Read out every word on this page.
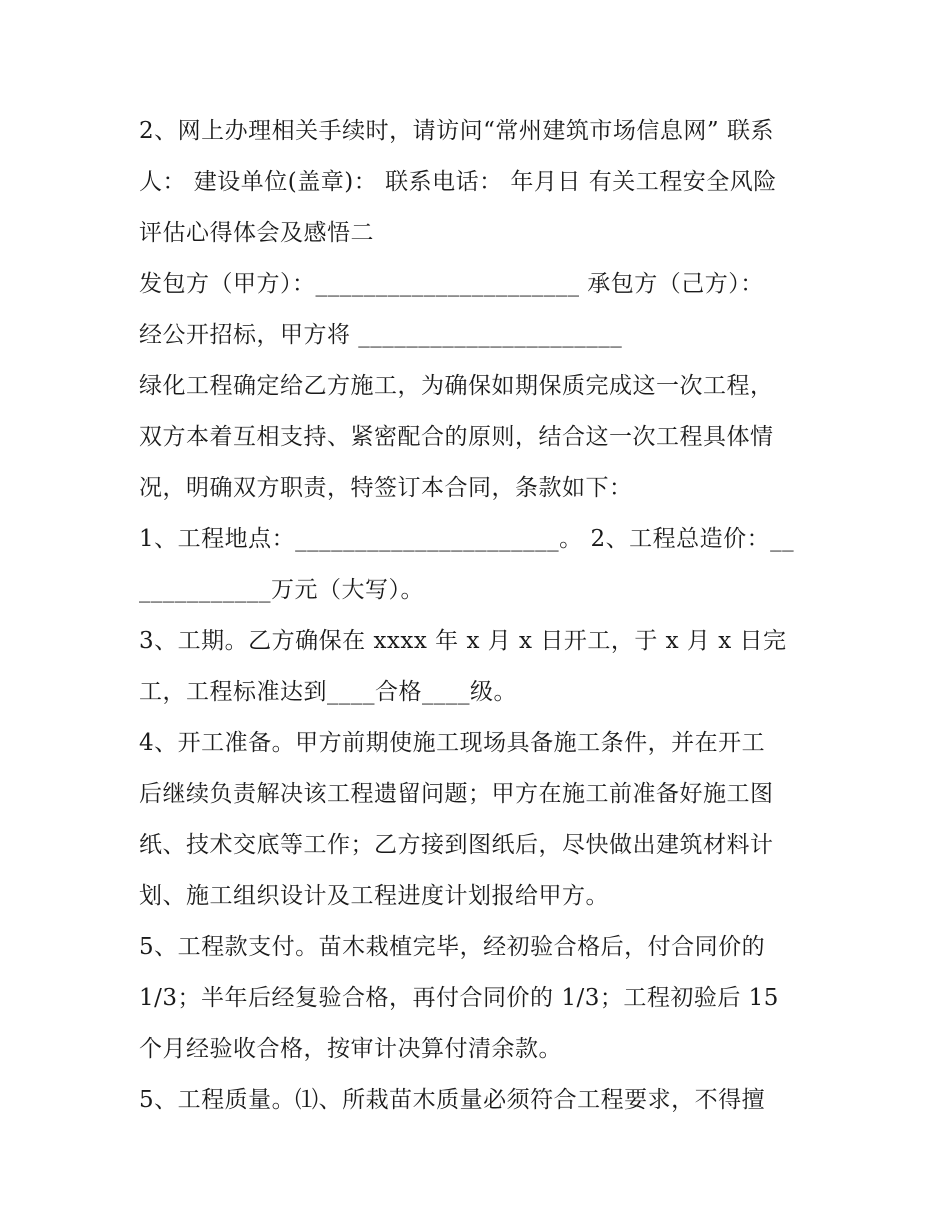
2、网上办理相关手续时，请访问“常州建筑市场信息网” 联系
人： 建设单位(盖章)： 联系电话： 年月日 有关工程安全风险
评估心得体会及感悟二
发包方（甲方）：______________________ 承包方（己方）：
经公开招标，甲方将 ______________________
绿化工程确定给乙方施工，为确保如期保质完成这一次工程，
双方本着互相支持、紧密配合的原则，结合这一次工程具体情
况，明确双方职责，特签订本合同，条款如下：
1、工程地点：______________________。 2、工程总造价：__
___________万元（大写）。
3、工期。乙方确保在 xxxx 年 x 月 x 日开工，于 x 月 x 日完
工，工程标准达到____合格____级。
4、开工准备。甲方前期使施工现场具备施工条件，并在开工
后继续负责解决该工程遗留问题；甲方在施工前准备好施工图
纸、技术交底等工作；乙方接到图纸后，尽快做出建筑材料计
划、施工组织设计及工程进度计划报给甲方。
5、工程款支付。苗木栽植完毕，经初验合格后，付合同价的
1/3；半年后经复验合格，再付合同价的 1/3；工程初验后 15
个月经验收合格，按审计决算付清余款。
5、工程质量。⑴、所栽苗木质量必须符合工程要求，不得擅
